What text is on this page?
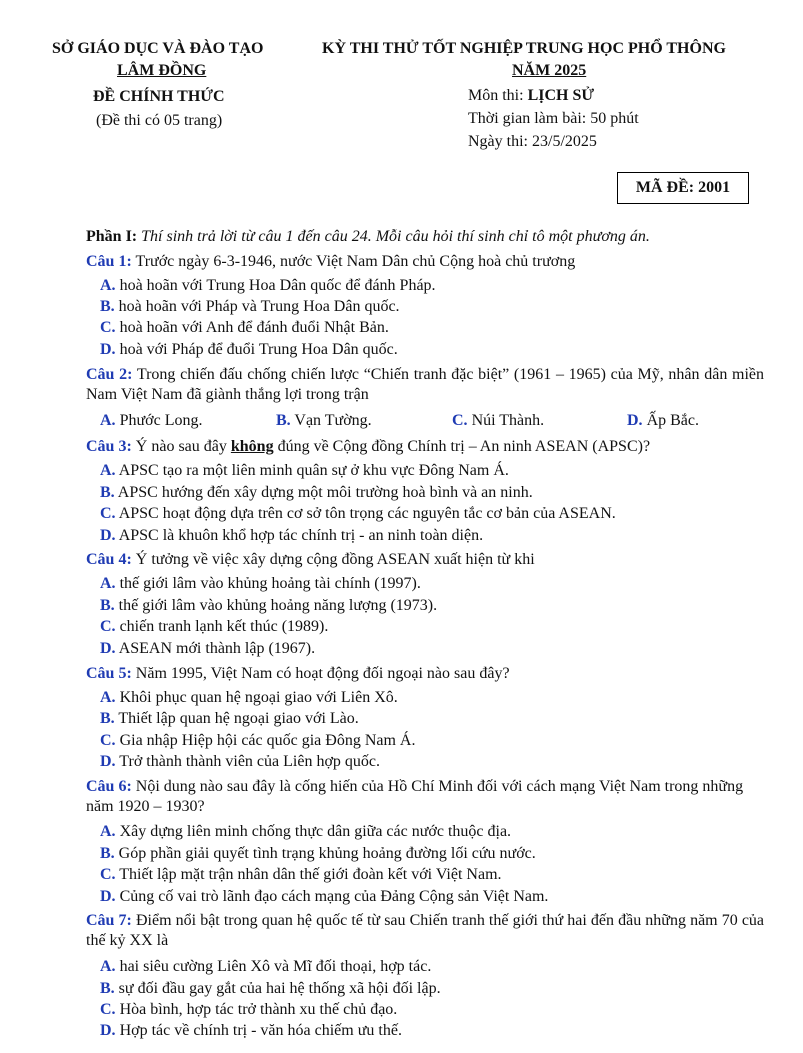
SỞ GIÁO DỤC VÀ ĐÀO TẠO
LÂM ĐỒNG
ĐỀ CHÍNH THỨC
(Đề thi có 05 trang)
KỲ THI THỬ TỐT NGHIỆP TRUNG HỌC PHỔ THÔNG
NĂM 2025
Môn thi: LỊCH SỬ
Thời gian làm bài: 50 phút
Ngày thi: 23/5/2025
MÃ ĐỀ: 2001
Phần I: Thí sinh trả lời từ câu 1 đến câu 24. Mỗi câu hỏi thí sinh chỉ tô một phương án.
Câu 1: Trước ngày 6-3-1946, nước Việt Nam Dân chủ Cộng hoà chủ trương
A. hoà hoãn với Trung Hoa Dân quốc để đánh Pháp.
B. hoà hoãn với Pháp và Trung Hoa Dân quốc.
C. hoà hoãn với Anh để đánh đuổi Nhật Bản.
D. hoà với Pháp để đuổi Trung Hoa Dân quốc.
Câu 2: Trong chiến đấu chống chiến lược “Chiến tranh đặc biệt” (1961 – 1965) của Mỹ, nhân dân miền Nam Việt Nam đã giành thắng lợi trong trận
A. Phước Long.	B. Vạn Tường.	C. Núi Thành.	D. Ấp Bắc.
Câu 3: Ý nào sau đây không đúng về Cộng đồng Chính trị – An ninh ASEAN (APSC)?
A. APSC tạo ra một liên minh quân sự ở khu vực Đông Nam Á.
B. APSC hướng đến xây dựng một môi trường hoà bình và an ninh.
C. APSC hoạt động dựa trên cơ sở tôn trọng các nguyên tắc cơ bản của ASEAN.
D. APSC là khuôn khổ hợp tác chính trị - an ninh toàn diện.
Câu 4: Ý tưởng về việc xây dựng cộng đồng ASEAN xuất hiện từ khi
A. thế giới lâm vào khủng hoảng tài chính (1997).
B. thế giới lâm vào khủng hoảng năng lượng (1973).
C. chiến tranh lạnh kết thúc (1989).
D. ASEAN mới thành lập (1967).
Câu 5: Năm 1995, Việt Nam có hoạt động đối ngoại nào sau đây?
A. Khôi phục quan hệ ngoại giao với Liên Xô.
B. Thiết lập quan hệ ngoại giao với Lào.
C. Gia nhập Hiệp hội các quốc gia Đông Nam Á.
D. Trở thành thành viên của Liên hợp quốc.
Câu 6: Nội dung nào sau đây là cống hiến của Hồ Chí Minh đối với cách mạng Việt Nam trong những năm 1920 – 1930?
A. Xây dựng liên minh chống thực dân giữa các nước thuộc địa.
B. Góp phần giải quyết tình trạng khủng hoảng đường lối cứu nước.
C. Thiết lập mặt trận nhân dân thế giới đoàn kết với Việt Nam.
D. Củng cố vai trò lãnh đạo cách mạng của Đảng Cộng sản Việt Nam.
Câu 7: Điểm nổi bật trong quan hệ quốc tế từ sau Chiến tranh thế giới thứ hai đến đầu những năm 70 của thế kỷ XX là
A. hai siêu cường Liên Xô và Mĩ đối thoại, hợp tác.
B. sự đối đầu gay gắt của hai hệ thống xã hội đối lập.
C. Hòa bình, hợp tác trở thành xu thế chủ đạo.
D. Hợp tác về chính trị - văn hóa chiếm ưu thế.
